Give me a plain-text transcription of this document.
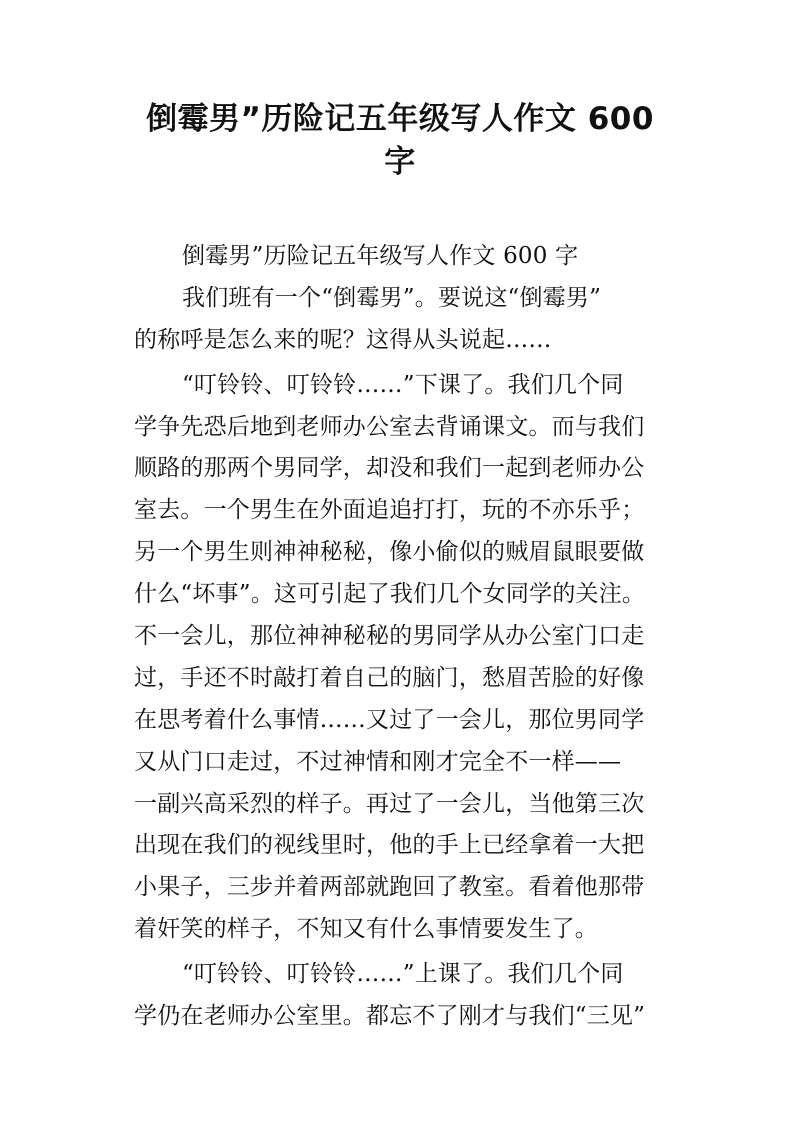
倒霉男”历险记五年级写人作文 600
字
倒霉男”历险记五年级写人作文 600 字
我们班有一个“倒霉男”。要说这“倒霉男”
的称呼是怎么来的呢？这得从头说起……
“叮铃铃、叮铃铃……”下课了。我们几个同
学争先恐后地到老师办公室去背诵课文。而与我们
顺路的那两个男同学，却没和我们一起到老师办公
室去。一个男生在外面追追打打，玩的不亦乐乎；
另一个男生则神神秘秘，像小偷似的贼眉鼠眼要做
什么“坏事”。这可引起了我们几个女同学的关注。
不一会儿，那位神神秘秘的男同学从办公室门口走
过，手还不时敲打着自己的脑门，愁眉苦脸的好像
在思考着什么事情……又过了一会儿，那位男同学
又从门口走过，不过神情和刚才完全不一样——
一副兴高采烈的样子。再过了一会儿，当他第三次
出现在我们的视线里时，他的手上已经拿着一大把
小果子，三步并着两部就跑回了教室。看着他那带
着奸笑的样子，不知又有什么事情要发生了。
“叮铃铃、叮铃铃……”上课了。我们几个同
学仍在老师办公室里。都忘不了刚才与我们“三见”
